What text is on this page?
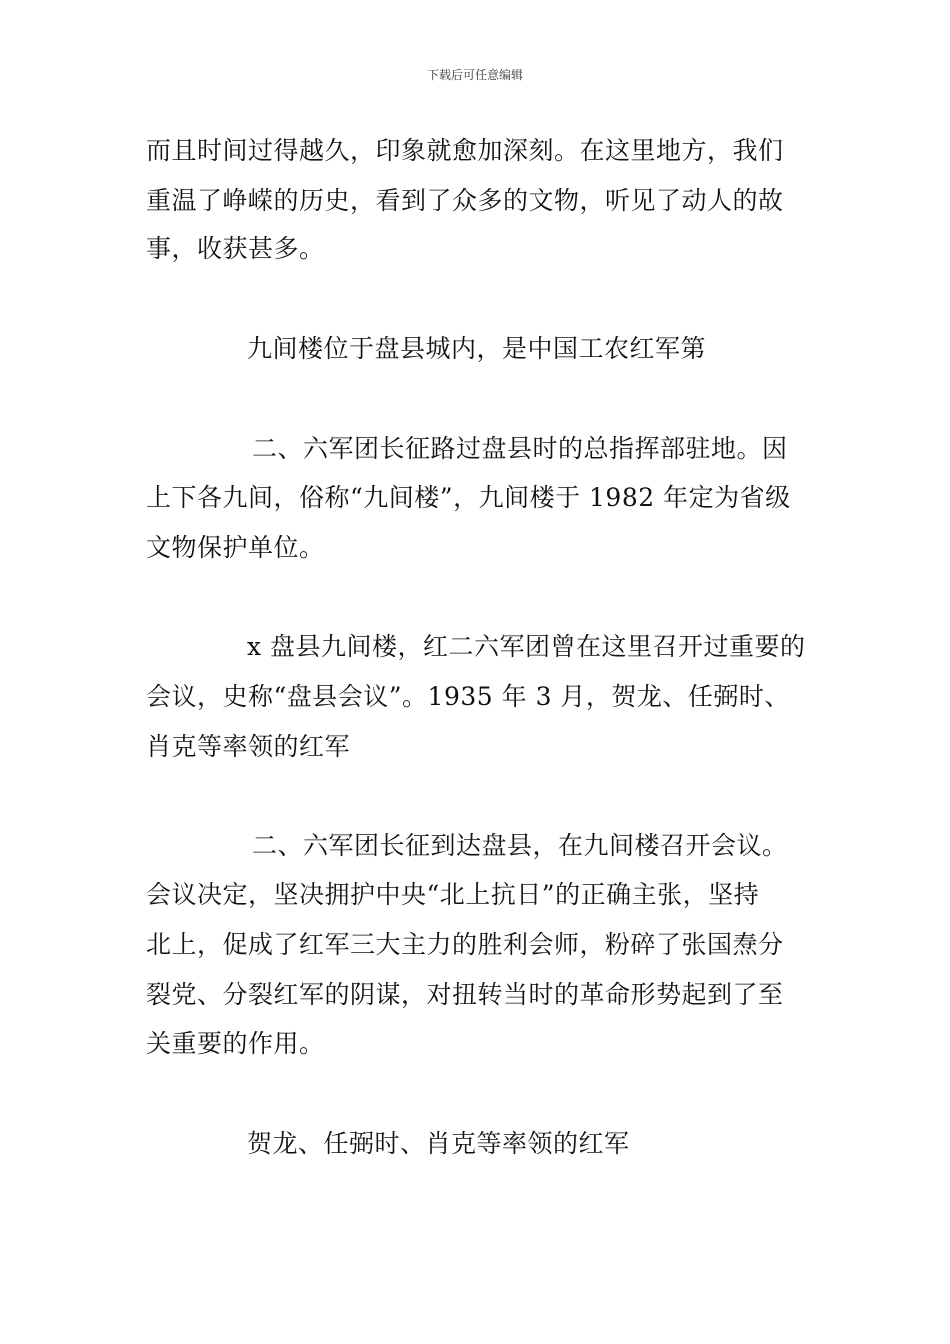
下载后可任意编辑
而且时间过得越久，印象就愈加深刻。在这里地方，我们
重温了峥嵘的历史，看到了众多的文物，听见了动人的故
事，收获甚多。
九间楼位于盘县城内，是中国工农红军第
二、六军团长征路过盘县时的总指挥部驻地。因
上下各九间，俗称“九间楼”，九间楼于 1982 年定为省级
文物保护单位。
x 盘县九间楼，红二六军团曾在这里召开过重要的
会议，史称“盘县会议”。1935 年 3 月，贺龙、任弼时、
肖克等率领的红军
二、六军团长征到达盘县，在九间楼召开会议。
会议决定，坚决拥护中央“北上抗日”的正确主张，坚持
北上，促成了红军三大主力的胜利会师，粉碎了张国焘分
裂党、分裂红军的阴谋，对扭转当时的革命形势起到了至
关重要的作用。
贺龙、任弼时、肖克等率领的红军
